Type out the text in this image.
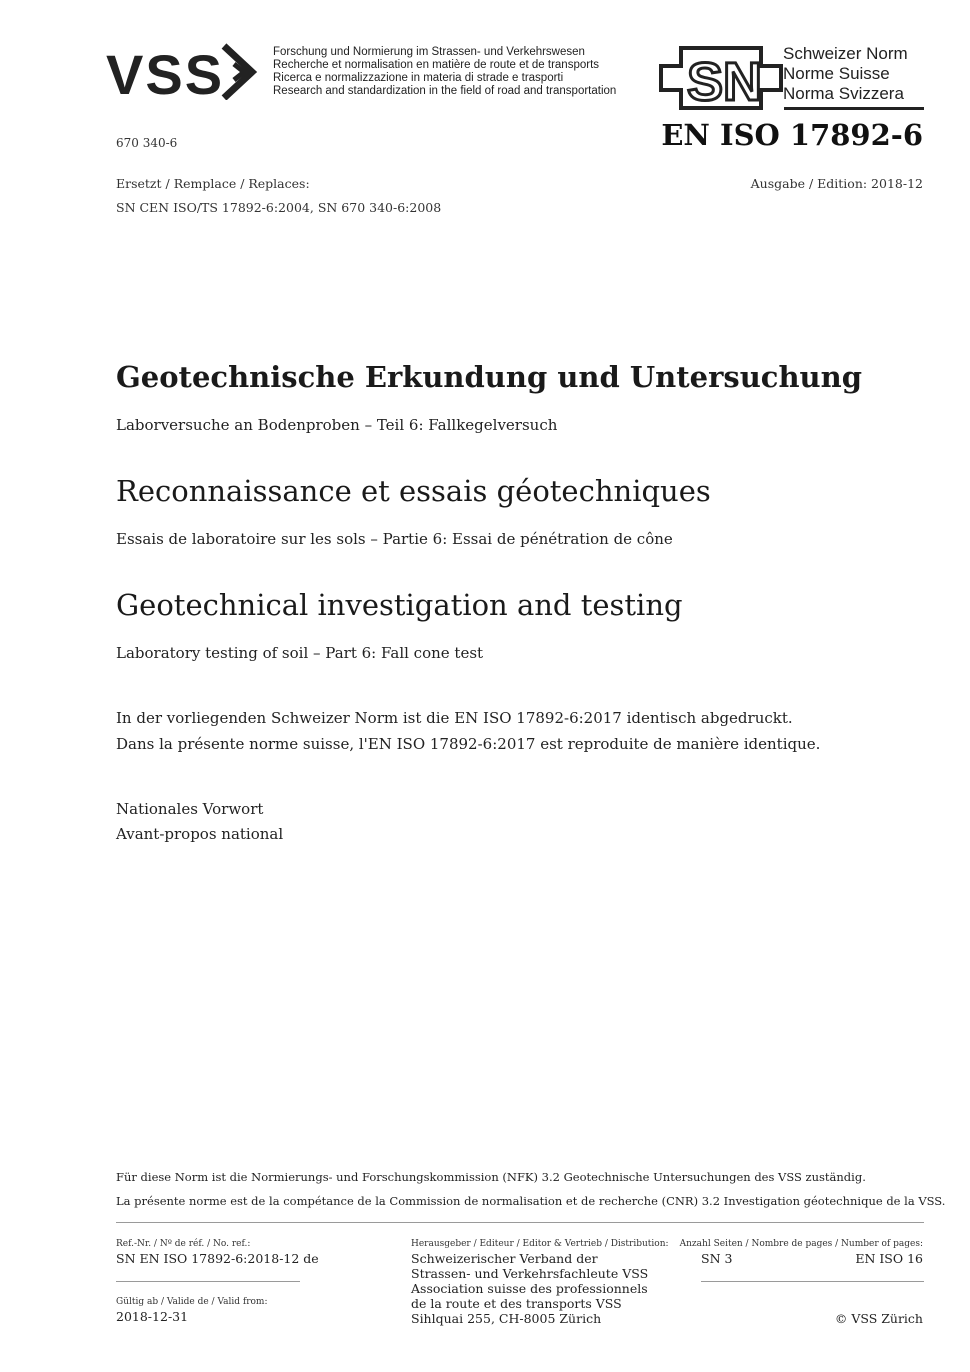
VSS	Forschung und Normierung im Strassen- und Verkehrswesen
Recherche et normalisation en matière de route et de transports
Ricerca e normalizzazione in materia di strade e trasporti
Research and standardization in the field of road and transportation SN Schweizer Norm
Norme Suisse
Norma Svizzera
670 340-6	EN ISO 17892-6
Ersetzt / Remplace / Replaces:
SN CEN ISO/TS 17892-6:2004, SN 670 340-6:2008
Ausgabe / Edition: 2018-12
Geotechnische Erkundung und Untersuchung
Laborversuche an Bodenproben – Teil 6: Fallkegelversuch
Reconnaissance et essais géotechniques
Essais de laboratoire sur les sols – Partie 6: Essai de pénétration de cône
Geotechnical investigation and testing
Laboratory testing of soil – Part 6: Fall cone test
In der vorliegenden Schweizer Norm ist die EN ISO 17892-6:2017 identisch abgedruckt.
Dans la présente norme suisse, l'EN ISO 17892-6:2017 est reproduite de manière identique.
Nationales Vorwort
Avant-propos national
Für diese Norm ist die Normierungs- und Forschungskommission (NFK) 3.2 Geotechnische Untersuchungen des VSS zuständig.
La présente norme est de la compétance de la Commission de normalisation et de recherche (CNR) 3.2 Investigation géotechnique de la VSS.
Ref.-Nr. / Nº de réf. / No. ref.:
SN EN ISO 17892-6:2018-12 de
Gültig ab / Valide de / Valid from:
2018-12-31
Herausgeber / Editeur / Editor & Vertrieb / Distribution:
Schweizerischer Verband der
Strassen- und Verkehrsfachleute VSS
Association suisse des professionnels
de la route et des transports VSS
Sihlquai 255, CH-8005 Zürich
Anzahl Seiten / Nombre de pages / Number of pages:
SN 3	EN ISO 16
© VSS Zürich
